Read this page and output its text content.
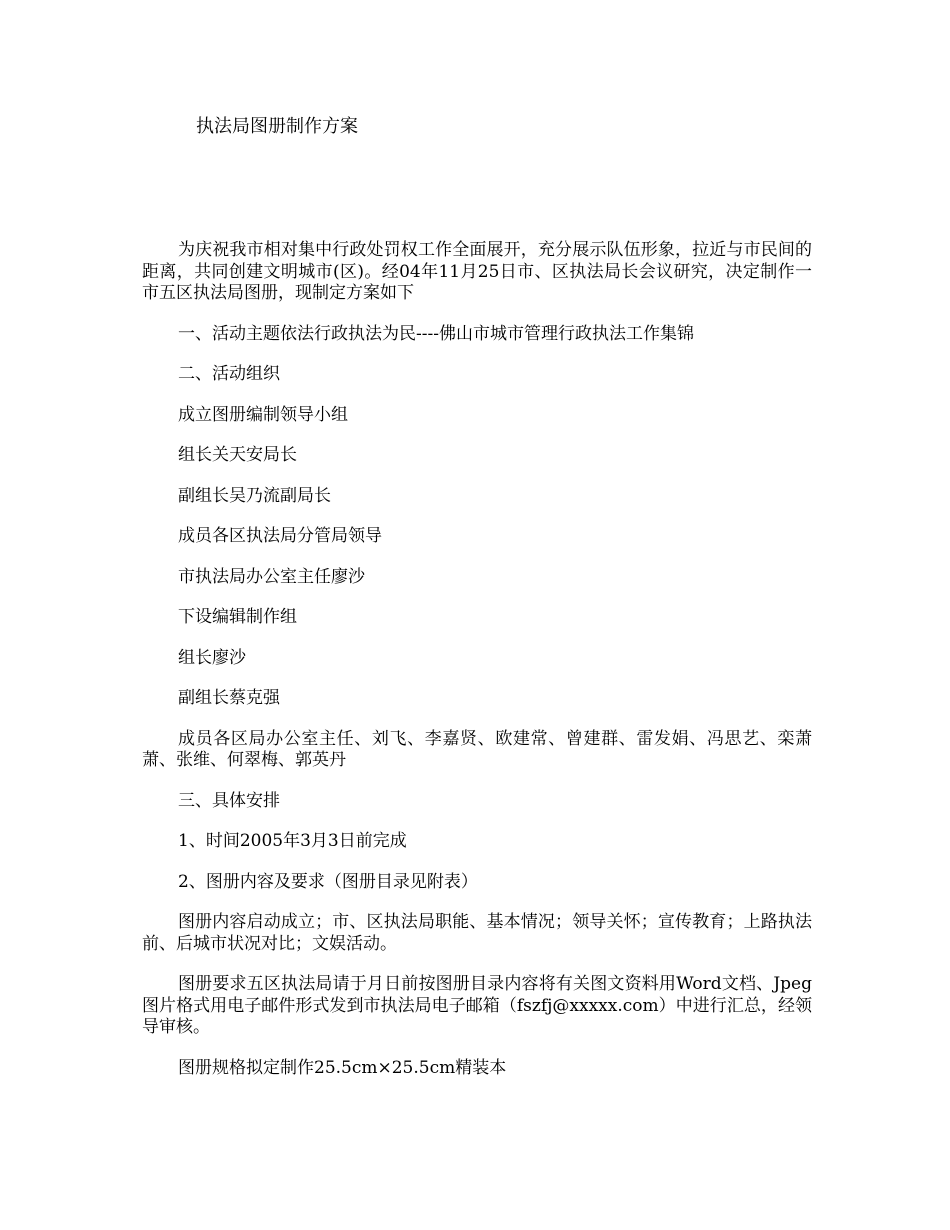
执法局图册制作方案

为庆祝我市相对集中行政处罚权工作全面展开，充分展示队伍形象，拉近与市民间的距离，共同创建文明城市(区)。经04年11月25日市、区执法局长会议研究，决定制作一市五区执法局图册，现制定方案如下

一、活动主题依法行政执法为民----佛山市城市管理行政执法工作集锦

二、活动组织

成立图册编制领导小组

组长关天安局长

副组长吴乃流副局长

成员各区执法局分管局领导

市执法局办公室主任廖沙

下设编辑制作组

组长廖沙

副组长蔡克强

成员各区局办公室主任、刘飞、李嘉贤、欧建常、曾建群、雷发娟、冯思艺、栾萧萧、张维、何翠梅、郭英丹

三、具体安排

1、时间2005年3月3日前完成

2、图册内容及要求（图册目录见附表）

图册内容启动成立；市、区执法局职能、基本情况；领导关怀；宣传教育；上路执法前、后城市状况对比；文娱活动。

图册要求五区执法局请于月日前按图册目录内容将有关图文资料用Word文档、Jpeg图片格式用电子邮件形式发到市执法局电子邮箱（fszfj@xxxxx.com）中进行汇总，经领导审核。

图册规格拟定制作25.5cm×25.5cm精装本
